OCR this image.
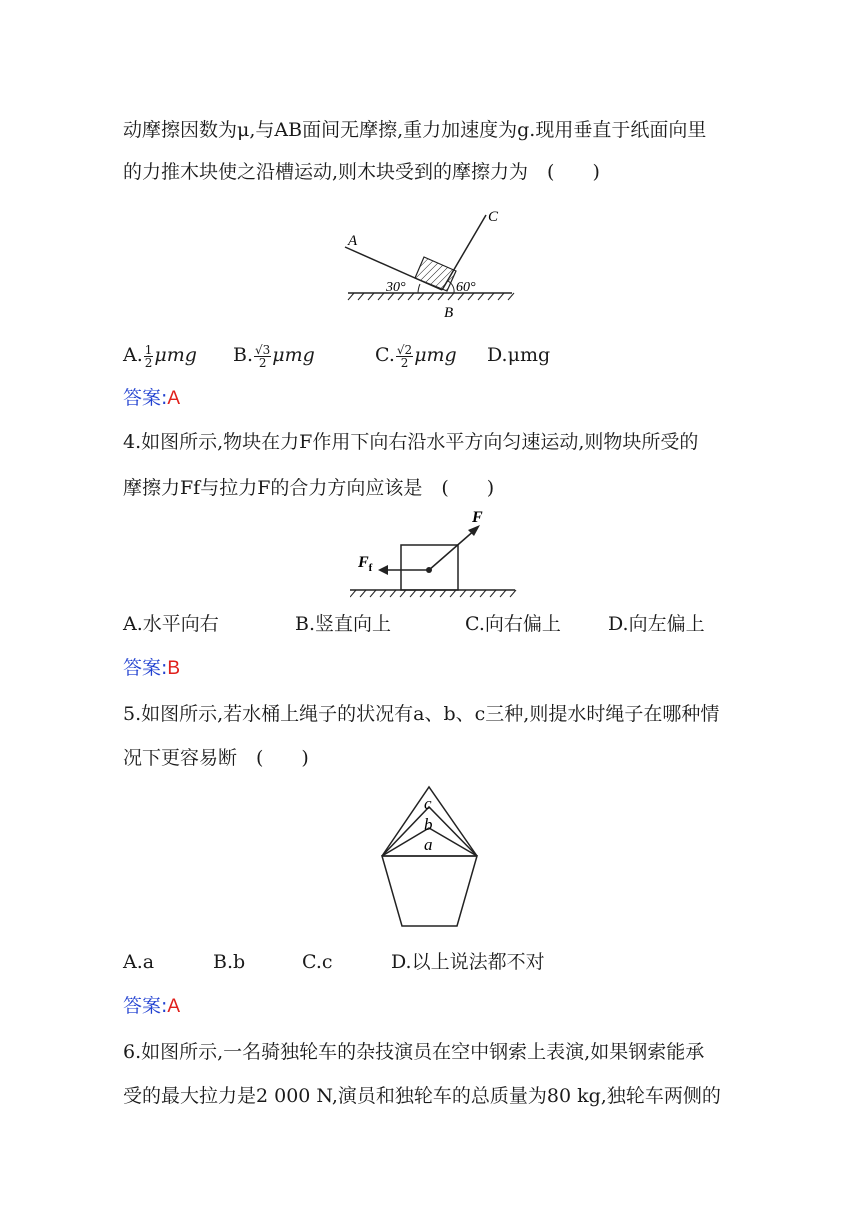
动摩擦因数为μ,与AB面间无摩擦,重力加速度为g.现用垂直于纸面向里
的力推木块使之沿槽运动,则木块受到的摩擦力为　(　　)
A
C
B
30°	60°
A. $\frac{1}{2}$ μmg B. $\frac{√3}{2}$ μmg	C. $\frac{√2}{2}$ μmg D.μmg
答案:A
4.如图所示,物块在力F作用下向右沿水平方向匀速运动,则物块所受的
摩擦力Ff与拉力F的合力方向应该是　(　　)
F
$F_f$
A.水平向右	B.竖直向上	C.向右偏上 D.向左偏上
答案:B
5.如图所示,若水桶上绳子的状况有a、b、c三种,则提水时绳子在哪种情
况下更容易断　(　　)
c
b
a
A.a	B.b	C.c	D.以上说法都不对
答案:A
6.如图所示,一名骑独轮车的杂技演员在空中钢索上表演,如果钢索能承
受的最大拉力是2 000 N,演员和独轮车的总质量为80 kg,独轮车两侧的
